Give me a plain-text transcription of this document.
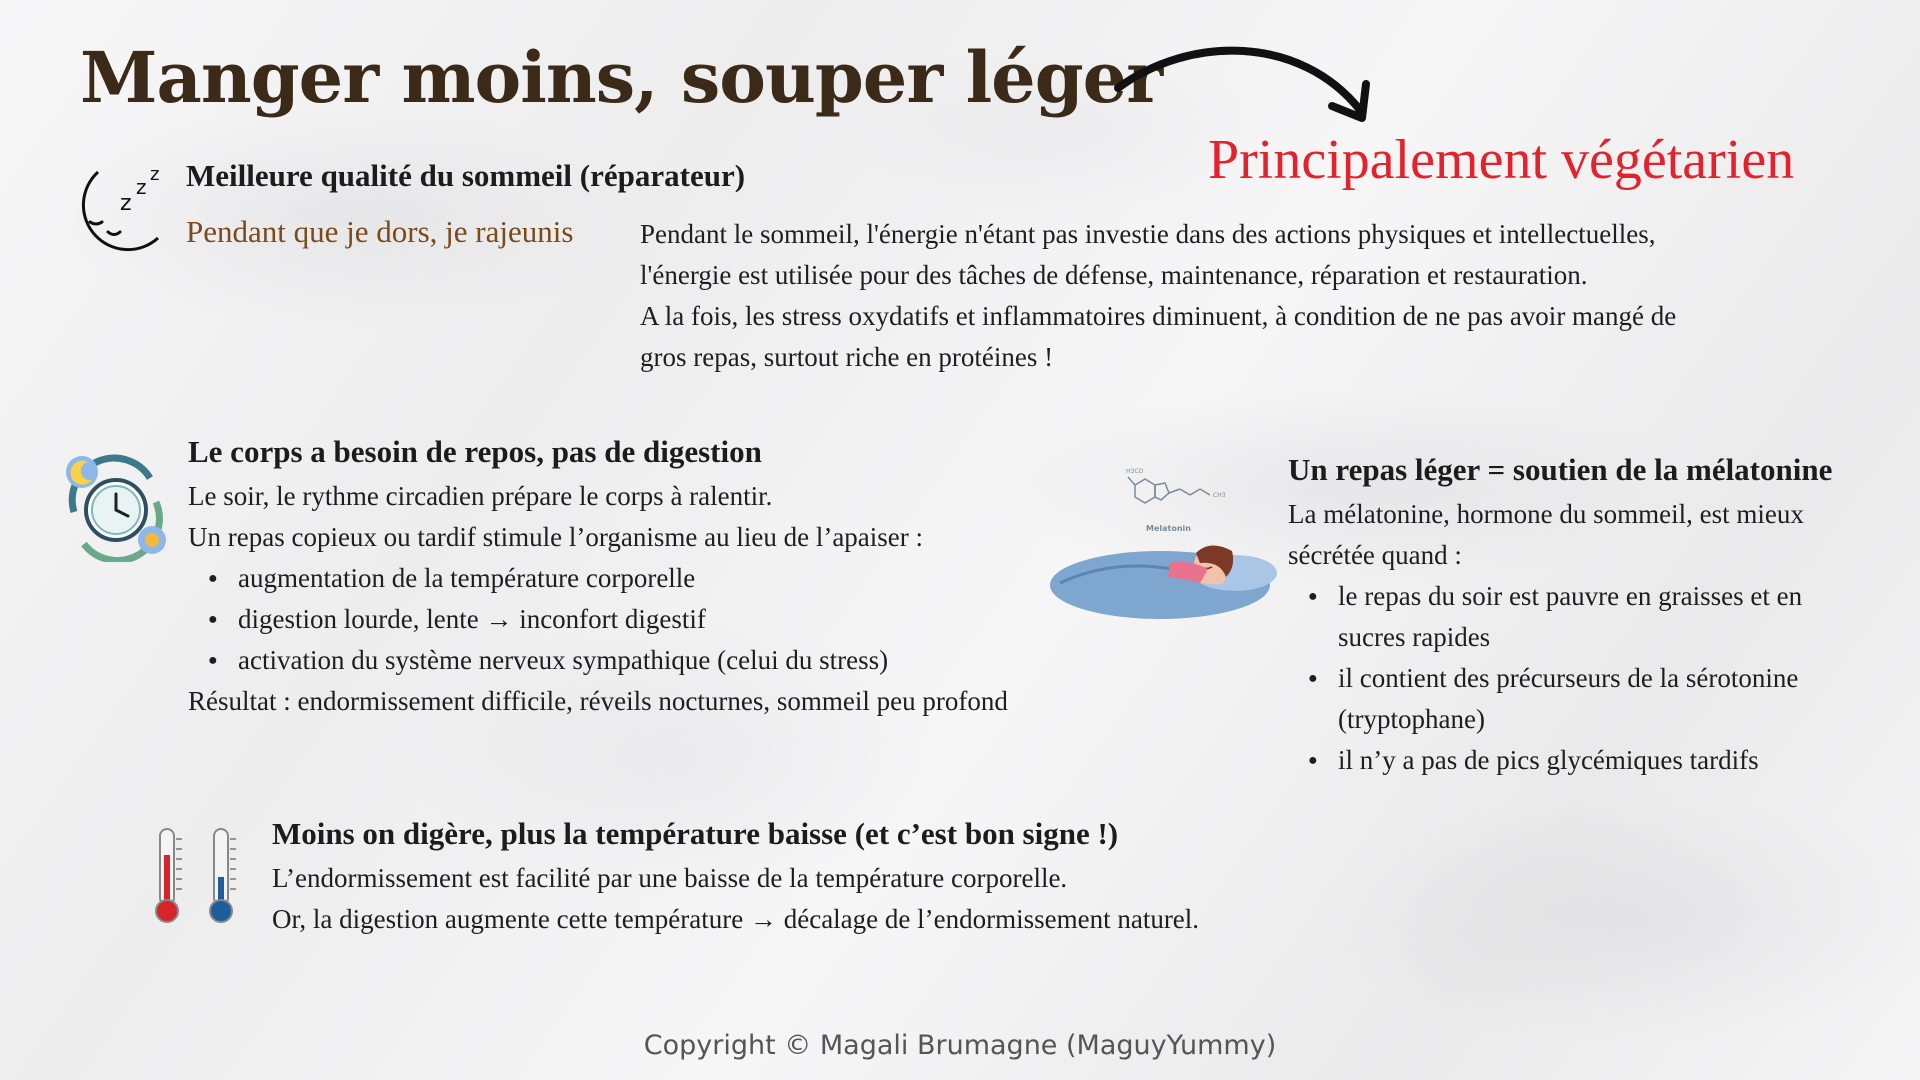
Manger moins, souper léger
Principalement végétarien
z
z
z Meilleure qualité du sommeil (réparateur)
Pendant que je dors, je rajeunis Pendant le sommeil, l'énergie n'étant pas investie dans des actions physiques et intellectuelles,
l'énergie est utilisée pour des tâches de défense, maintenance, réparation et restauration.
A la fois, les stress oxydatifs et inflammatoires diminuent, à condition de ne pas avoir mangé de
gros repas, surtout riche en protéines !
Le corps a besoin de repos, pas de digestion
Le soir, le rythme circadien prépare le corps à ralentir.
Un repas copieux ou tardif stimule l’organisme au lieu de l’apaiser :
● augmentation de la température corporelle
● digestion lourde, lente → inconfort digestif
● activation du système nerveux sympathique (celui du stress)
Résultat : endormissement difficile, réveils nocturnes, sommeil peu profond
H3CO
CH3
Melatonin
Un repas léger = soutien de la mélatonine
La mélatonine, hormone du sommeil, est mieux
sécrétée quand :
● le repas du soir est pauvre en graisses et en
sucres rapides
● il contient des précurseurs de la sérotonine
(tryptophane)
● il n’y a pas de pics glycémiques tardifs
Moins on digère, plus la température baisse (et c’est bon signe !)
L’endormissement est facilité par une baisse de la température corporelle.
Or, la digestion augmente cette température → décalage de l’endormissement naturel.
Copyright © Magali Brumagne (MaguyYummy)
